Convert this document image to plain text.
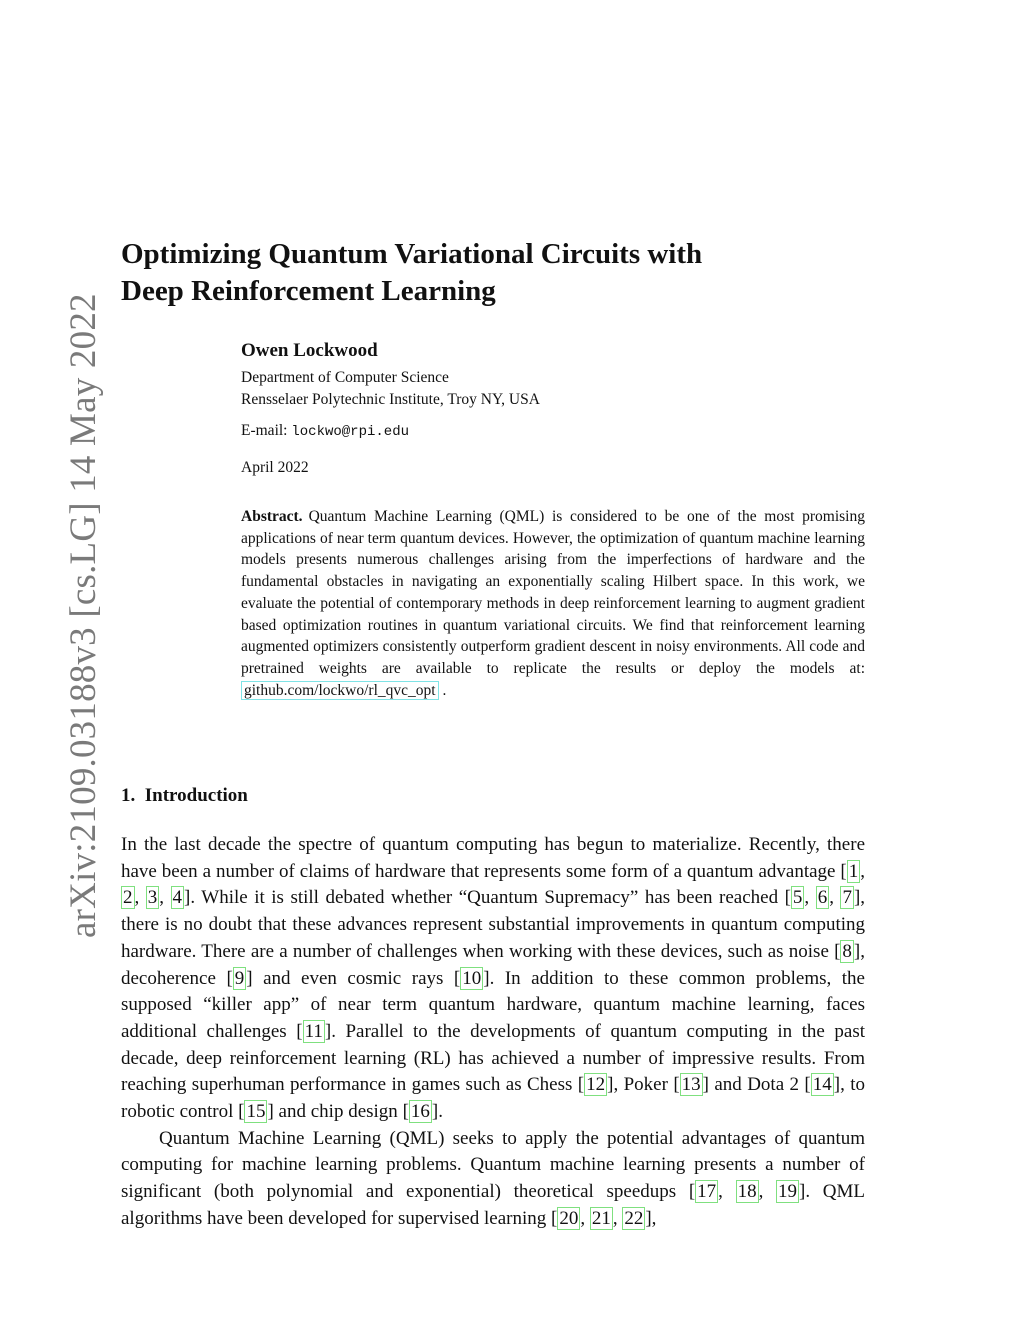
arXiv:2109.03188v3 [cs.LG] 14 May 2022
Optimizing Quantum Variational Circuits with
Deep Reinforcement Learning
Owen Lockwood
Department of Computer Science
Rensselaer Polytechnic Institute, Troy NY, USA
E-mail: lockwo@rpi.edu
April 2022
Abstract. Quantum Machine Learning (QML) is considered to be one of the most promising applications of near term quantum devices. However, the optimization of quantum machine learning models presents numerous challenges arising from the imperfections of hardware and the fundamental obstacles in navigating an exponentially scaling Hilbert space. In this work, we evaluate the potential of contemporary methods in deep reinforcement learning to augment gradient based optimization routines in quantum variational circuits. We find that reinforcement learning augmented optimizers consistently outperform gradient descent in noisy environments. All code and pretrained weights are available to replicate the results or deploy the models at: github.com/lockwo/rl_qvc_opt .
1. Introduction

In the last decade the spectre of quantum computing has begun to materialize. Recently, there have been a number of claims of hardware that represents some form of a quantum advantage [ 1 , 2 , 3 , 4 ]. While it is still debated whether “Quantum Supremacy” has been reached [ 5 , 6 , 7 ], there is no doubt that these advances represent substantial improvements in quantum computing hardware. There are a number of challenges when working with these devices, such as noise [ 8 ], decoherence [ 9 ] and even cosmic rays [ 10 ]. In addition to these common problems, the supposed “killer app” of near term quantum hardware, quantum machine learning, faces additional challenges [ 11 ]. Parallel to the developments of quantum computing in the past decade, deep reinforcement learning (RL) has achieved a number of impressive results. From reaching superhuman performance in games such as Chess [ 12 ], Poker [ 13 ] and Dota 2 [ 14 ], to robotic control [ 15 ] and chip design [ 16 ].

Quantum Machine Learning (QML) seeks to apply the potential advantages of quantum computing for machine learning problems. Quantum machine learning presents a number of significant (both polynomial and exponential) theoretical speedups [ 17 , 18 , 19 ]. QML algorithms have been developed for supervised learning [ 20 , 21 , 22 ],
